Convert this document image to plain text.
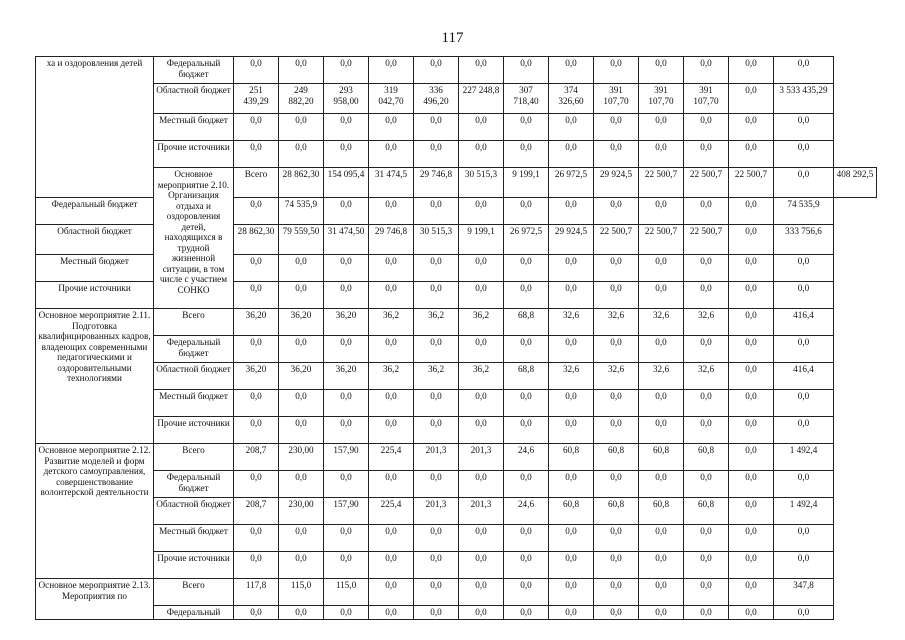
117
ха и оздоровления детей	Федеральный бюджет	0,0	0,0	0,0	0,0	0,0	0,0	0,0	0,0	0,0	0,0	0,0	0,0	0,0	
	Областной бюджет	251 439,29	249 882,20	293 958,00	319 042,70	336 496,20	227 248,8	307 718,40	374 326,60	391 107,70	391 107,70	391 107,70	0,0	3 533 435,29	
	Местный бюджет	0,0	0,0	0,0	0,0	0,0	0,0	0,0	0,0	0,0	0,0	0,0	0,0	0,0	
	Прочие источники	0,0	0,0	0,0	0,0	0,0	0,0	0,0	0,0	0,0	0,0	0,0	0,0	0,0	
	Основное мероприятие 2.10. Организация отдыха и оздоровления детей, находящихся в трудной жизненной ситуации, в том числе с участием СОНКО	Всего	28 862,30	154 095,4	31 474,5	29 746,8	30 515,3	9 199,1	26 972,5	29 924,5	22 500,7	22 500,7	22 500,7	0,0	408 292,5
Федеральный бюджет		0,0	74 535,9	0,0	0,0	0,0	0,0	0,0	0,0	0,0	0,0	0,0	0,0	74 535,9	
Областной бюджет		28 862,30	79 559,50	31 474,50	29 746,8	30 515,3	9 199,1	26 972,5	29 924,5	22 500,7	22 500,7	22 500,7	0,0	333 756,6	
Местный бюджет		0,0	0,0	0,0	0,0	0,0	0,0	0,0	0,0	0,0	0,0	0,0	0,0	0,0	
Прочие источники		0,0	0,0	0,0	0,0	0,0	0,0	0,0	0,0	0,0	0,0	0,0	0,0	0,0	
Основное мероприятие 2.11. Подготовка квалифицированных кадров, владеющих современными педагогическими и оздоровительными технологиями	Всего	36,20	36,20	36,20	36,2	36,2	36,2	68,8	32,6	32,6	32,6	32,6	0,0	416,4	
	Федеральный бюджет	0,0	0,0	0,0	0,0	0,0	0,0	0,0	0,0	0,0	0,0	0,0	0,0	0,0	
	Областной бюджет	36,20	36,20	36,20	36,2	36,2	36,2	68,8	32,6	32,6	32,6	32,6	0,0	416,4	
	Местный бюджет	0,0	0,0	0,0	0,0	0,0	0,0	0,0	0,0	0,0	0,0	0,0	0,0	0,0	
	Прочие источники	0,0	0,0	0,0	0,0	0,0	0,0	0,0	0,0	0,0	0,0	0,0	0,0	0,0	
Основное мероприятие 2.12. Развитие моделей и форм детского самоуправления, совершенствование волонтерской деятельности	Всего	208,7	230,00	157,90	225,4	201,3	201,3	24,6	60,8	60,8	60,8	60,8	0,0	1 492,4	
	Федеральный бюджет	0,0	0,0	0,0	0,0	0,0	0,0	0,0	0,0	0,0	0,0	0,0	0,0	0,0	
	Областной бюджет	208,7	230,00	157,90	225,4	201,3	201,3	24,6	60,8	60,8	60,8	60,8	0,0	1 492,4	
	Местный бюджет	0,0	0,0	0,0	0,0	0,0	0,0	0,0	0,0	0,0	0,0	0,0	0,0	0,0	
	Прочие источники	0,0	0,0	0,0	0,0	0,0	0,0	0,0	0,0	0,0	0,0	0,0	0,0	0,0	
Основное мероприятие 2.13. Мероприятия по	Всего	117,8	115,0	115,0	0,0	0,0	0,0	0,0	0,0	0,0	0,0	0,0	0,0	347,8	
	Федеральный	0,0	0,0	0,0	0,0	0,0	0,0	0,0	0,0	0,0	0,0	0,0	0,0	0,0	
